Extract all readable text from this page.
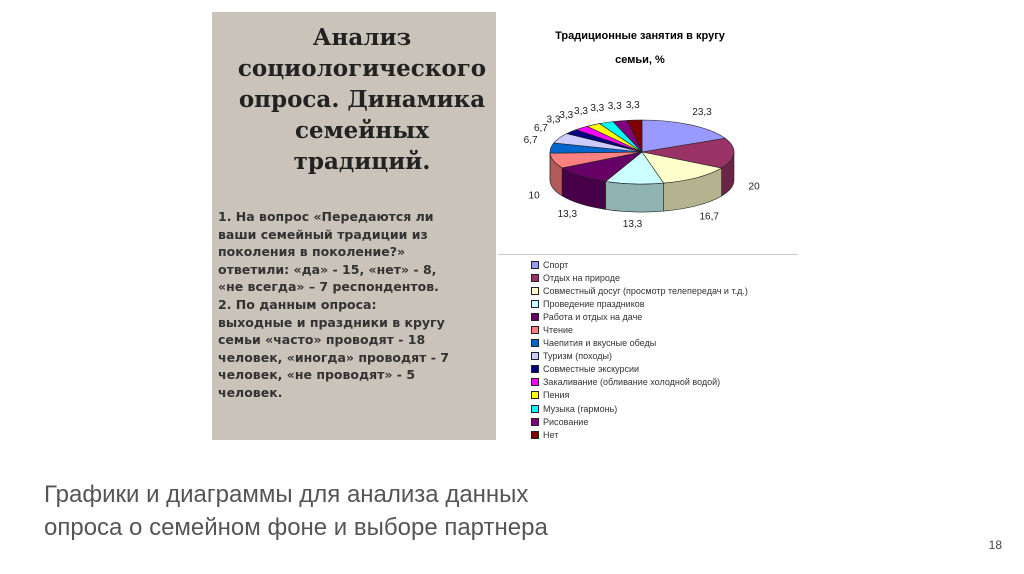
Анализ
социологического
опроса. Динамика
семейных
традиций.
1. На вопрос «Передаются ли
ваши семейный традиции из
поколения в поколение?»
ответили: «да» - 15, «нет» - 8,
«не всегда» – 7 респондентов.
2. По данным опроса:
выходные и праздники в кругу
семьи «часто» проводят - 18
человек, «иногда» проводят - 7
человек, «не проводят» - 5
человек.
Традиционные занятия в кругу
семьи, %
23,3
20
16,7
13,3
13,3
10
6,7
6,7
3,3
3,3 3,3 3,3 3,3 3,3
Спорт
Отдых на природе
Совместный досуг (просмотр телепередач и т.д.)
Проведение праздников
Работа и отдых на даче
Чтение
Чаепития и вкусные обеды
Туризм (походы)
Совместные экскурсии
Закаливание (обливание холодной водой)
Пения
Музыка (гармонь)
Рисование
Нет
Графики и диаграммы для анализа данных
опроса о семейном фоне и выборе партнера
18
